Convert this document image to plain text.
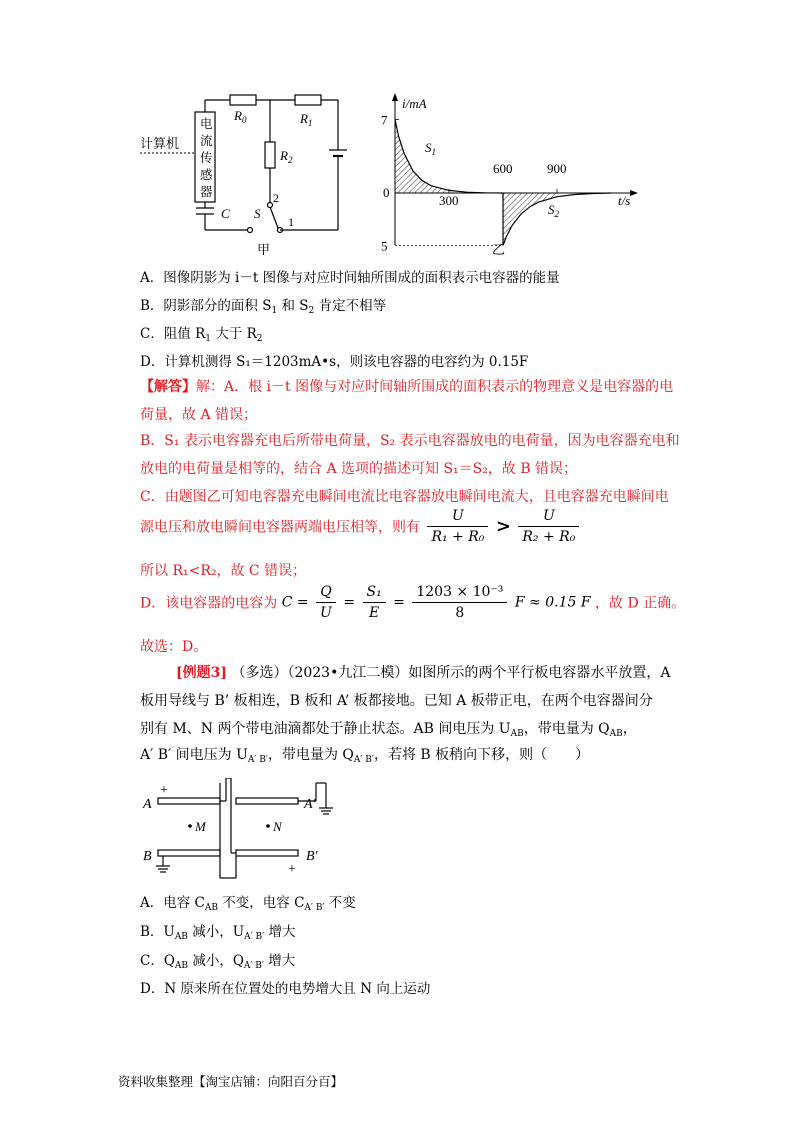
计算机
电
流
传
感
器
$R_0$	$R_1$
$R_2$
C S
2
1
甲
300
600	900
7
5
i/mA
t/s
0
$S_1$
$S_2$
乙
A．图像阴影为 i－t 图像与对应时间轴所围成的面积表示电容器的能量
B．阴影部分的面积 $S_1$ 和 $S_2$ 肯定不相等
C．阻值 $R_1$ 大于 $R_2$
D．计算机测得 S₁＝1203mA•s，则该电容器的电容约为 0.15F
【解答】解：A．根 i－t 图像与对应时间轴所围成的面积表示的物理意义是电容器的电
荷量，故 A 错误；
B．S₁ 表示电容器充电后所带电荷量，S₂ 表示电容器放电的电荷量，因为电容器充电和
放电的电荷量是相等的，结合 A 选项的描述可知 S₁＝S₂，故 B 错误；
C．由题图乙可知电容器充电瞬间电流比电容器放电瞬间电流大，且电容器充电瞬间电
源电压和放电瞬间电容器两端电压相等，则有 $\frac{U}{\text{R₁ + R₀}} > \frac{U}{\text{R₂ + R₀}}$
所以 R₁<R₂，故 C 错误；
D．该电容器的电容为 $C = \frac{Q}{U} = \frac{\text{S₁}}{E} = \frac{\text{1203 × 10⁻³}}{8}$ F ≈ 0.15 F ，故 D 正确。
故选：D。
[例题3] （多选）（2023•九江二模）如图所示的两个平行板电容器水平放置，A
板用导线与 B’ 板相连，B 板和 A’ 板都接地。已知 A 板带正电，在两个电容器间分
别有 M、N 两个带电油滴都处于静止状态。AB 间电压为 $U_{AB}$，带电量为 $Q_{AB}$，
A′ B′ 间电压为 $U_{A' B'}$，带电量为 $Q_{A' B'}$，若将 B 板稍向下移，则（　　）
A
+
A′
B	B′
+
M	N
A．电容 $C_{AB}$ 不变，电容 $C_{A' B'}$ 不变
B．$U_{AB}$ 减小，$U_{A' B'}$ 增大
C．$Q_{AB}$ 减小，$Q_{A' B'}$ 增大
D．N 原来所在位置处的电势增大且 N 向上运动
资料收集整理【淘宝店铺：向阳百分百】
